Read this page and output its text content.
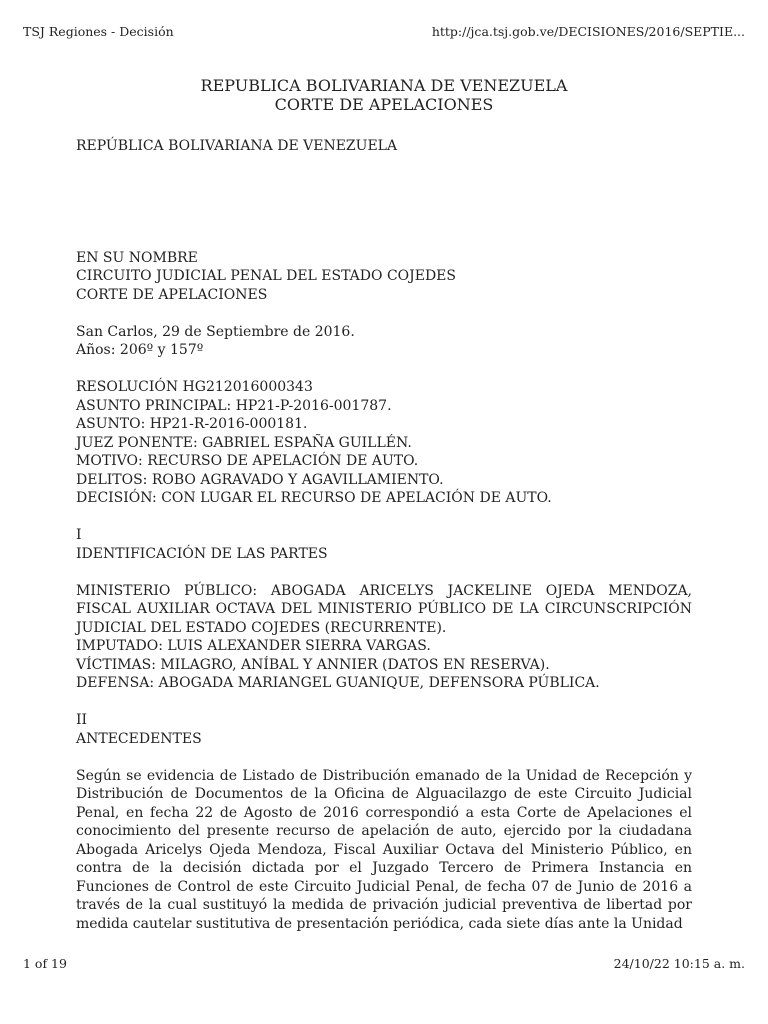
TSJ Regiones - Decisión	http://jca.tsj.gob.ve/DECISIONES/2016/SEPTIE...
REPUBLICA BOLIVARIANA DE VENEZUELA
CORTE DE APELACIONES

REPÚBLICA BOLIVARIANA DE VENEZUELA

EN SU NOMBRE

CIRCUITO JUDICIAL PENAL DEL ESTADO COJEDES

CORTE DE APELACIONES

San Carlos, 29 de Septiembre de 2016.

Años: 206º y 157º

RESOLUCIÓN HG212016000343

ASUNTO PRINCIPAL: HP21-P-2016-001787.

ASUNTO: HP21-R-2016-000181.

JUEZ PONENTE: GABRIEL ESPAÑA GUILLÉN.

MOTIVO: RECURSO DE APELACIÓN DE AUTO.

DELITOS: ROBO AGRAVADO Y AGAVILLAMIENTO.

DECISIÓN: CON LUGAR EL RECURSO DE APELACIÓN DE AUTO.

I

IDENTIFICACIÓN DE LAS PARTES

MINISTERIO PÚBLICO: ABOGADA ARICELYS JACKELINE OJEDA MENDOZA, FISCAL AUXILIAR OCTAVA DEL MINISTERIO PÚBLICO DE LA CIRCUNSCRIPCIÓN JUDICIAL DEL ESTADO COJEDES (RECURRENTE).

IMPUTADO: LUIS ALEXANDER SIERRA VARGAS.

VÍCTIMAS: MILAGRO, ANÍBAL Y ANNIER (DATOS EN RESERVA).

DEFENSA: ABOGADA MARIANGEL GUANIQUE, DEFENSORA PÚBLICA.

II

ANTECEDENTES

Según se evidencia de Listado de Distribución emanado de la Unidad de Recepción y Distribución de Documentos de la Oficina de Alguacilazgo de este Circuito Judicial Penal, en fecha 22 de Agosto de 2016 correspondió a esta Corte de Apelaciones el conocimiento del presente recurso de apelación de auto, ejercido por la ciudadana Abogada Aricelys Ojeda Mendoza, Fiscal Auxiliar Octava del Ministerio Público, en contra de la decisión dictada por el Juzgado Tercero de Primera Instancia en Funciones de Control de este Circuito Judicial Penal, de fecha 07 de Junio de 2016 a través de la cual sustituyó la medida de privación judicial preventiva de libertad por medida cautelar sustitutiva de presentación periódica, cada siete días ante la Unidad

1 of 19	24/10/22 10:15 a. m.
